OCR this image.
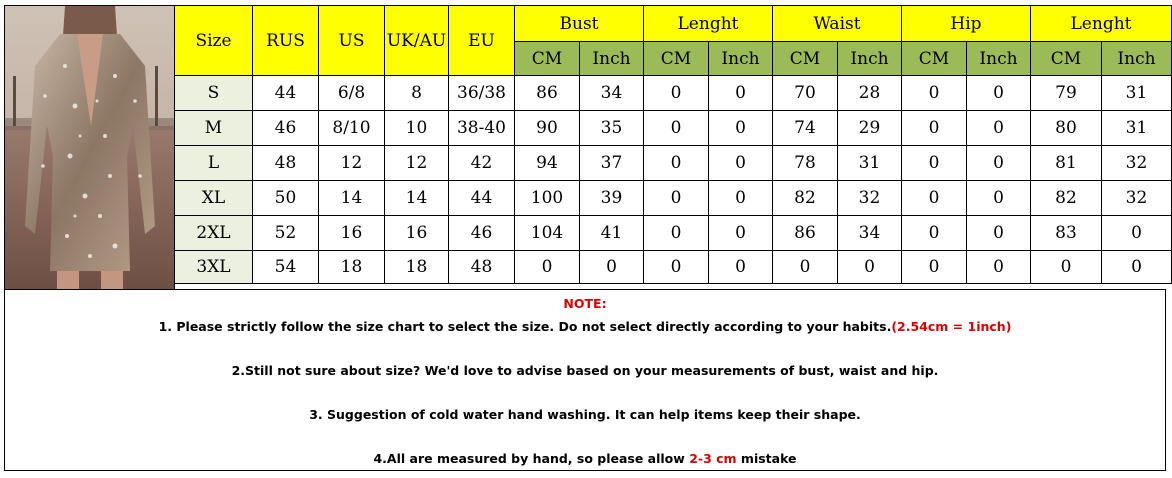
Size	RUS	US	UK/AU	EU	Bust		Lenght		Waist		Hip		Lenght	
					CM	Inch	CM	Inch	CM	Inch	CM	Inch	CM	Inch
S	44	6/8	8	36/38	86	34	0	0	70	28	0	0	79	31
M	46	8/10	10	38-40	90	35	0	0	74	29	0	0	80	31
L	48	12	12	42	94	37	0	0	78	31	0	0	81	32
XL	50	14	14	44	100	39	0	0	82	32	0	0	82	32
2XL	52	16	16	46	104	41	0	0	86	34	0	0	83	0
3XL	54	18	18	48	0	0	0	0	0	0	0	0	0	0
NOTE:
1. Please strictly follow the size chart to select the size. Do not select directly according to your habits.(2.54cm = 1inch)
2.Still not sure about size? We'd love to advise based on your measurements of bust, waist and hip.
3. Suggestion of cold water hand washing. It can help items keep their shape.
4.All are measured by hand, so please allow 2-3 cm mistake
